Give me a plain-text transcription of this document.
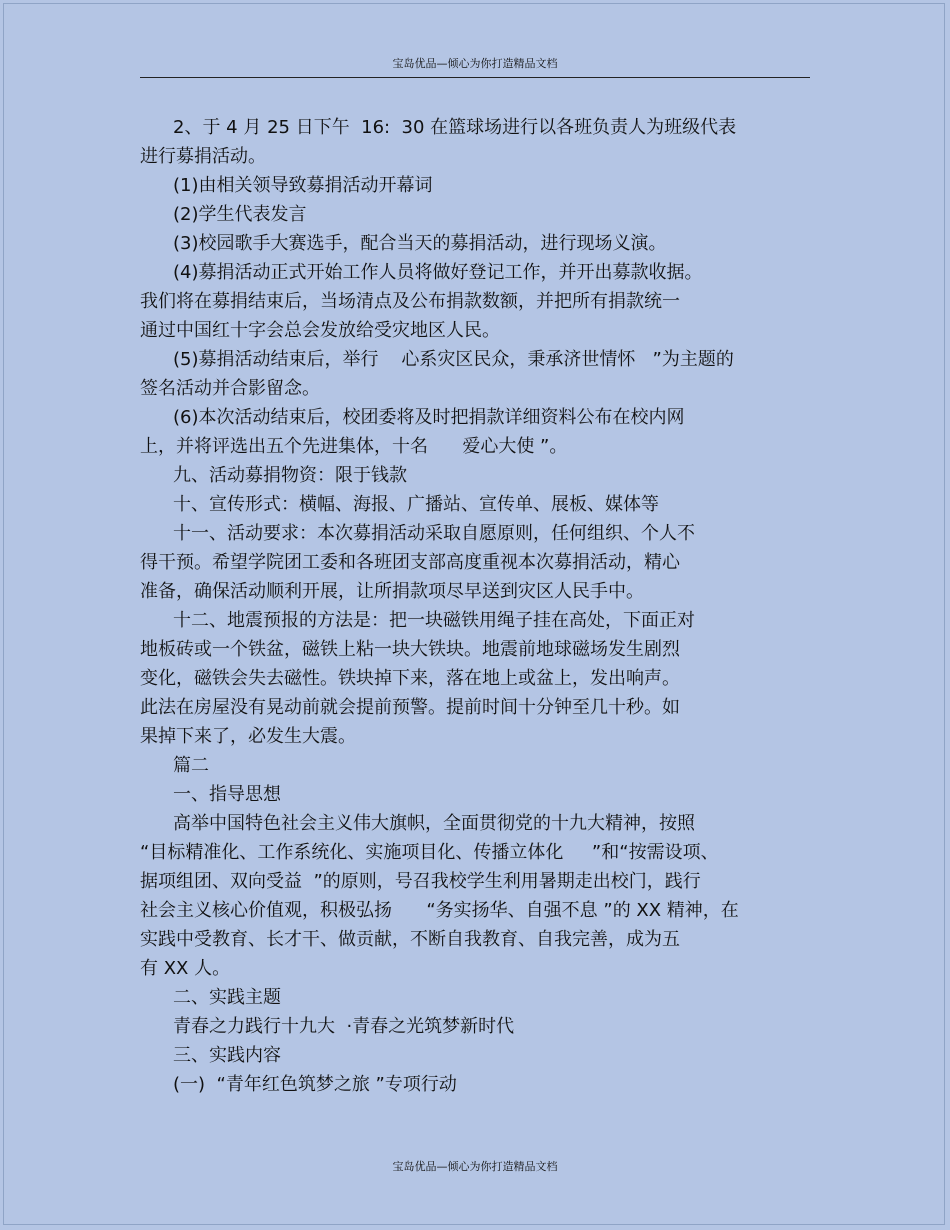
宝岛优品—倾心为你打造精品文档
2、于 4 月 25 日下午  16:  30 在篮球场进行以各班负责人为班级代表
进行募捐活动。
(1)由相关领导致募捐活动开幕词
(2)学生代表发言
(3)校园歌手大赛选手，配合当天的募捐活动，进行现场义演。
(4)募捐活动正式开始工作人员将做好登记工作，并开出募款收据。
我们将在募捐结束后，当场清点及公布捐款数额，并把所有捐款统一
通过中国红十字会总会发放给受灾地区人民。
(5)募捐活动结束后，举行    心系灾区民众，秉承济世情怀   ”为主题的
签名活动并合影留念。
(6)本次活动结束后，校团委将及时把捐款详细资料公布在校内网
上，并将评选出五个先进集体，十名      爱心大使 ”。
九、活动募捐物资：限于钱款
十、宣传形式：横幅、海报、广播站、宣传单、展板、媒体等
十一、活动要求：本次募捐活动采取自愿原则，任何组织、个人不
得干预。希望学院团工委和各班团支部高度重视本次募捐活动，精心
准备，确保活动顺利开展，让所捐款项尽早送到灾区人民手中。
十二、地震预报的方法是：把一块磁铁用绳子挂在高处，下面正对
地板砖或一个铁盆，磁铁上粘一块大铁块。地震前地球磁场发生剧烈
变化，磁铁会失去磁性。铁块掉下来，落在地上或盆上，发出响声。
此法在房屋没有晃动前就会提前预警。提前时间十分钟至几十秒。如
果掉下来了，必发生大震。
篇二
一、指导思想
高举中国特色社会主义伟大旗帜，全面贯彻党的十九大精神，按照
“目标精准化、工作系统化、实施项目化、传播立体化     ”和“按需设项、
据项组团、双向受益  ”的原则，号召我校学生利用暑期走出校门，践行
社会主义核心价值观，积极弘扬      “务实扬华、自强不息 ”的 XX 精神，在
实践中受教育、长才干、做贡献，不断自我教育、自我完善，成为五
有 XX 人。
二、实践主题
青春之力践行十九大  ·青春之光筑梦新时代
三、实践内容
(一)  “青年红色筑梦之旅 ”专项行动
宝岛优品—倾心为你打造精品文档
